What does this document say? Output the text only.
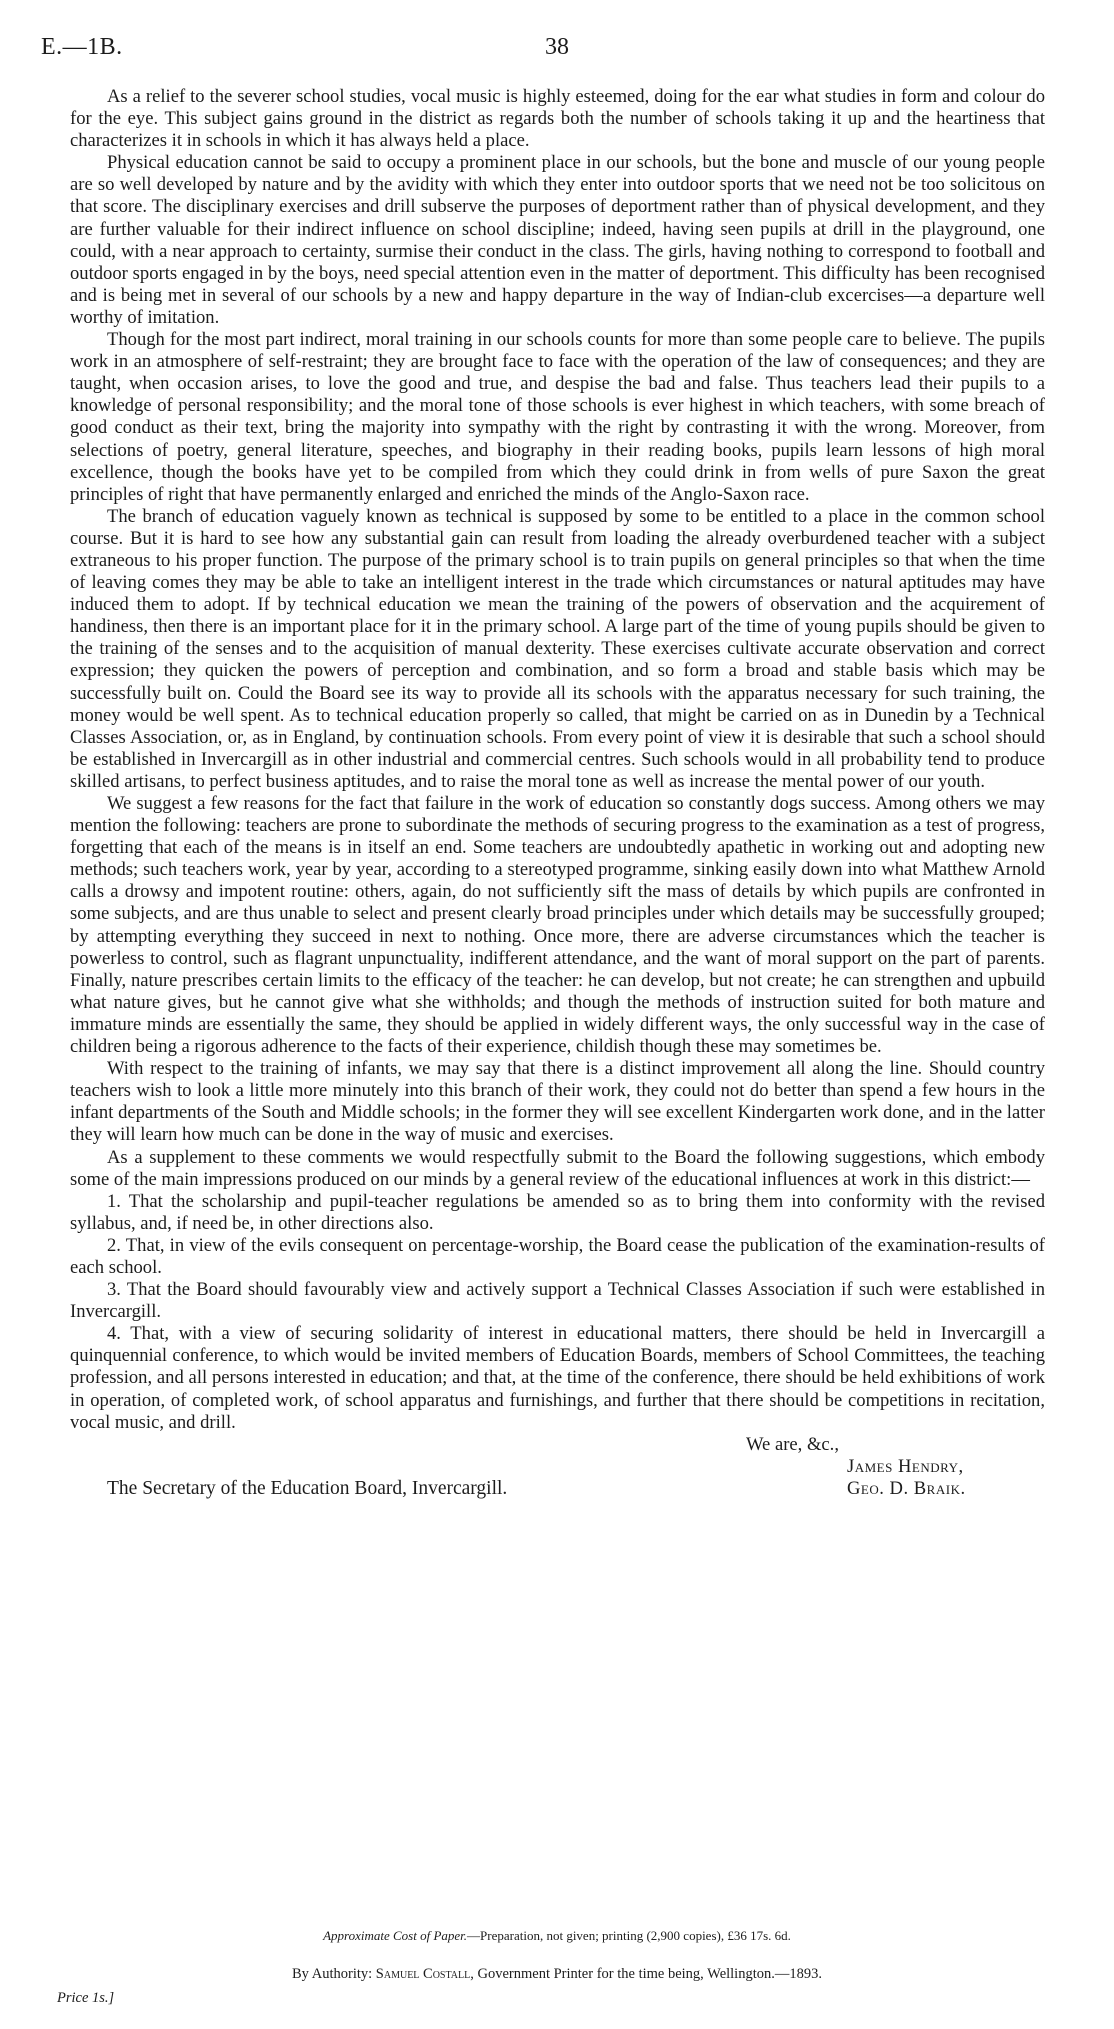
E.—1B.	38

As a relief to the severer school studies, vocal music is highly esteemed, doing for the ear what studies in form and colour do for the eye. This subject gains ground in the district as regards both the number of schools taking it up and the heartiness that characterizes it in schools in which it has always held a place.

Physical education cannot be said to occupy a prominent place in our schools, but the bone and muscle of our young people are so well developed by nature and by the avidity with which they enter into outdoor sports that we need not be too solicitous on that score. The disciplinary exercises and drill subserve the purposes of deportment rather than of physical development, and they are further valuable for their indirect influence on school discipline; indeed, having seen pupils at drill in the playground, one could, with a near approach to certainty, surmise their conduct in the class. The girls, having nothing to correspond to football and outdoor sports engaged in by the boys, need special attention even in the matter of deportment. This difficulty has been recognised and is being met in several of our schools by a new and happy departure in the way of Indian-club excercises—a departure well worthy of imitation.

Though for the most part indirect, moral training in our schools counts for more than some people care to believe. The pupils work in an atmosphere of self-restraint; they are brought face to face with the operation of the law of consequences; and they are taught, when occasion arises, to love the good and true, and despise the bad and false. Thus teachers lead their pupils to a knowledge of personal responsibility; and the moral tone of those schools is ever highest in which teachers, with some breach of good conduct as their text, bring the majority into sympathy with the right by contrasting it with the wrong. Moreover, from selections of poetry, general literature, speeches, and biography in their reading books, pupils learn lessons of high moral excellence, though the books have yet to be compiled from which they could drink in from wells of pure Saxon the great principles of right that have permanently enlarged and enriched the minds of the Anglo-Saxon race.

The branch of education vaguely known as technical is supposed by some to be entitled to a place in the common school course. But it is hard to see how any substantial gain can result from loading the already overburdened teacher with a subject extraneous to his proper function. The purpose of the primary school is to train pupils on general principles so that when the time of leaving comes they may be able to take an intelligent interest in the trade which circumstances or natural aptitudes may have induced them to adopt. If by technical education we mean the training of the powers of observation and the acquirement of handiness, then there is an important place for it in the primary school. A large part of the time of young pupils should be given to the training of the senses and to the acquisition of manual dexterity. These exercises cultivate accurate observation and correct expression; they quicken the powers of perception and combination, and so form a broad and stable basis which may be successfully built on. Could the Board see its way to provide all its schools with the apparatus necessary for such training, the money would be well spent. As to technical education properly so called, that might be carried on as in Dunedin by a Technical Classes Association, or, as in England, by continuation schools. From every point of view it is desirable that such a school should be established in Invercargill as in other industrial and commercial centres. Such schools would in all probability tend to produce skilled artisans, to perfect business aptitudes, and to raise the moral tone as well as increase the mental power of our youth.

We suggest a few reasons for the fact that failure in the work of education so constantly dogs success. Among others we may mention the following: teachers are prone to subordinate the methods of securing progress to the examination as a test of progress, forgetting that each of the means is in itself an end. Some teachers are undoubtedly apathetic in working out and adopting new methods; such teachers work, year by year, according to a stereotyped programme, sinking easily down into what Matthew Arnold calls a drowsy and impotent routine: others, again, do not sufficiently sift the mass of details by which pupils are confronted in some subjects, and are thus unable to select and present clearly broad principles under which details may be successfully grouped; by attempting everything they succeed in next to nothing. Once more, there are adverse circumstances which the teacher is powerless to control, such as flagrant unpunctuality, indifferent attendance, and the want of moral support on the part of parents. Finally, nature prescribes certain limits to the efficacy of the teacher: he can develop, but not create; he can strengthen and upbuild what nature gives, but he cannot give what she withholds; and though the methods of instruction suited for both mature and immature minds are essentially the same, they should be applied in widely different ways, the only successful way in the case of children being a rigorous adherence to the facts of their experience, childish though these may sometimes be.

With respect to the training of infants, we may say that there is a distinct improvement all along the line. Should country teachers wish to look a little more minutely into this branch of their work, they could not do better than spend a few hours in the infant departments of the South and Middle schools; in the former they will see excellent Kindergarten work done, and in the latter they will learn how much can be done in the way of music and exercises.

As a supplement to these comments we would respectfully submit to the Board the following suggestions, which embody some of the main impressions produced on our minds by a general review of the educational influences at work in this district:—

1. That the scholarship and pupil-teacher regulations be amended so as to bring them into conformity with the revised syllabus, and, if need be, in other directions also.

2. That, in view of the evils consequent on percentage-worship, the Board cease the publication of the examination-results of each school.

3. That the Board should favourably view and actively support a Technical Classes Association if such were established in Invercargill.

4. That, with a view of securing solidarity of interest in educational matters, there should be held in Invercargill a quinquennial conference, to which would be invited members of Education Boards, members of School Committees, the teaching profession, and all persons interested in education; and that, at the time of the conference, there should be held exhibitions of work in operation, of completed work, of school apparatus and furnishings, and further that there should be competitions in recitation, vocal music, and drill.

We are, &c.,
James Hendry,
Geo. D. Braik.
The Secretary of the Education Board, Invercargill.
Approximate Cost of Paper.—Preparation, not given; printing (2,900 copies), £36 17s. 6d.
By Authority: Samuel Costall, Government Printer for the time being, Wellington.—1893.
Price 1s.]
